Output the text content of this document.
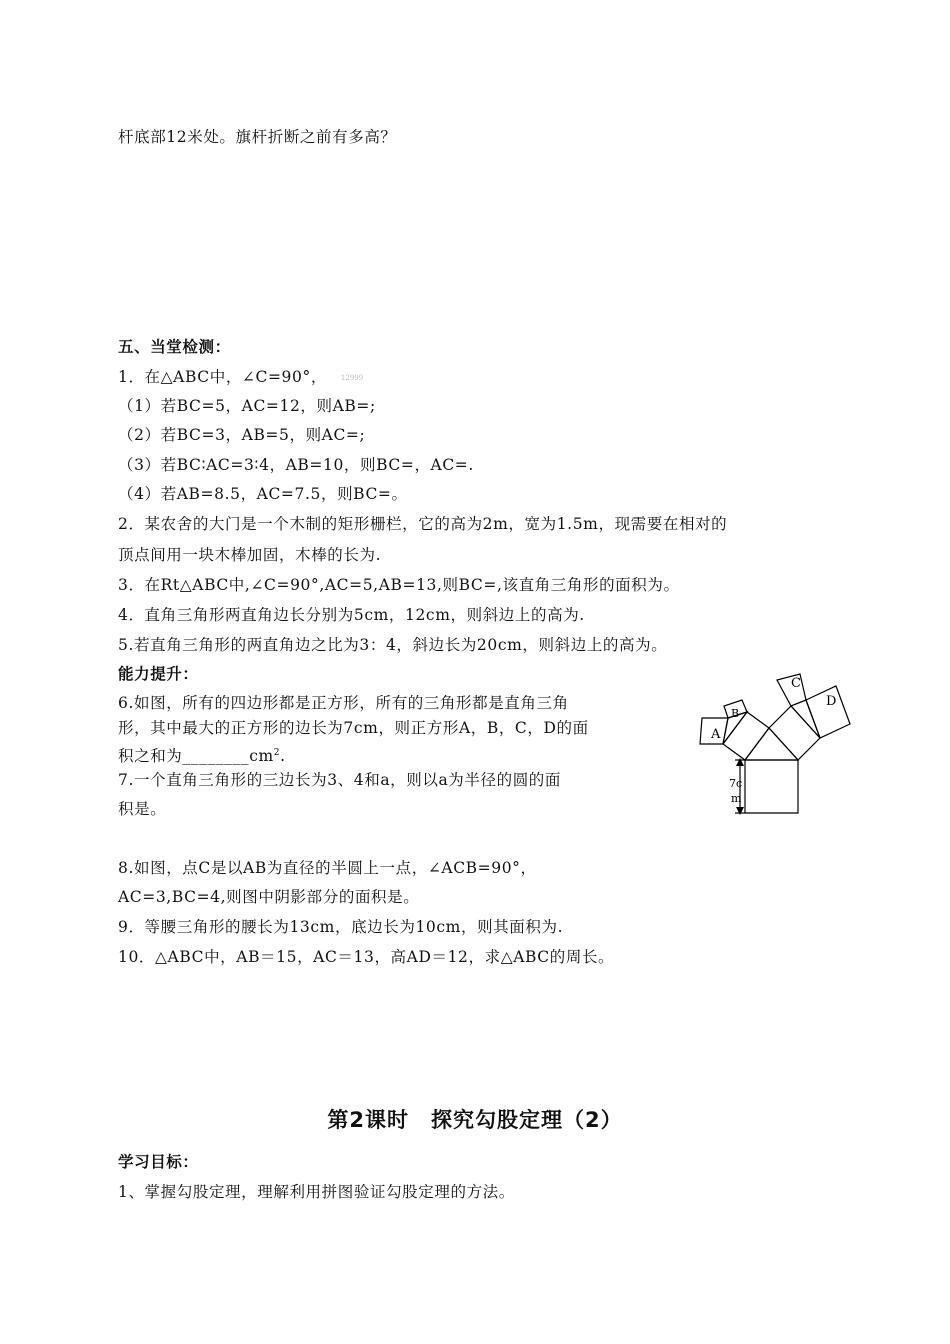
杆底部12米处。旗杆折断之前有多高？
五、当堂检测：
1．在△ABC中，∠C=90°， 12999
（1）若BC=5，AC=12，则AB=;
（2）若BC=3，AB=5，则AC=;
（3）若BC∶AC=3∶4，AB=10，则BC=，AC=.
（4）若AB=8.5，AC=7.5，则BC=。
2．某农舍的大门是一个木制的矩形栅栏，它的高为2m，宽为1.5m，现需要在相对的
顶点间用一块木棒加固，木棒的长为.
3．在Rt△ABC中,∠C=90°,AC=5,AB=13,则BC=,该直角三角形的面积为。
4．直角三角形两直角边长分别为5cm，12cm，则斜边上的高为.
5.若直角三角形的两直角边之比为3：4，斜边长为20cm，则斜边上的高为。
能力提升：
6.如图，所有的四边形都是正方形，所有的三角形都是直角三角
形，其中最大的正方形的边长为7cm，则正方形A，B，C，D的面
积之和为$\_\_\_\_\_\_\_\_cm^2$.
7.一个直角三角形的三边长为3、4和a，则以a为半径的圆的面
积是。
8.如图，点C是以AB为直径的半圆上一点，∠ACB=90°，
AC=3,BC=4,则图中阴影部分的面积是。
9．等腰三角形的腰长为13cm，底边长为10cm，则其面积为.
10．△ABC中，AB＝15，AC＝13，高AD＝12，求△ABC的周长。
第2课时　探究勾股定理（2）
学习目标：
1、掌握勾股定理，理解利用拼图验证勾股定理的方法。
A
B
C
D
7c
m
